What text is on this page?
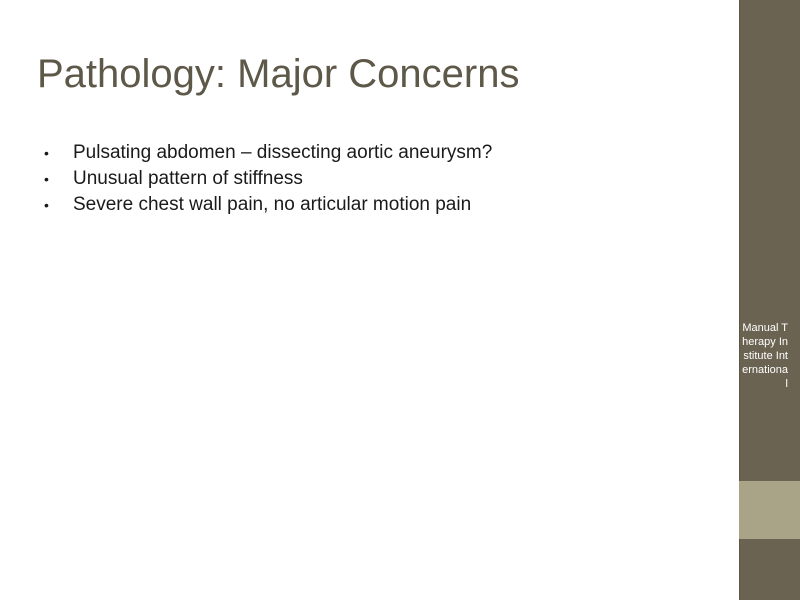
Pathology: Major Concerns
•	Pulsating abdomen – dissecting aortic aneurysm?
•	Unusual pattern of stiffness
•	Severe chest wall pain, no articular motion pain
Manual Therapy Institute International
